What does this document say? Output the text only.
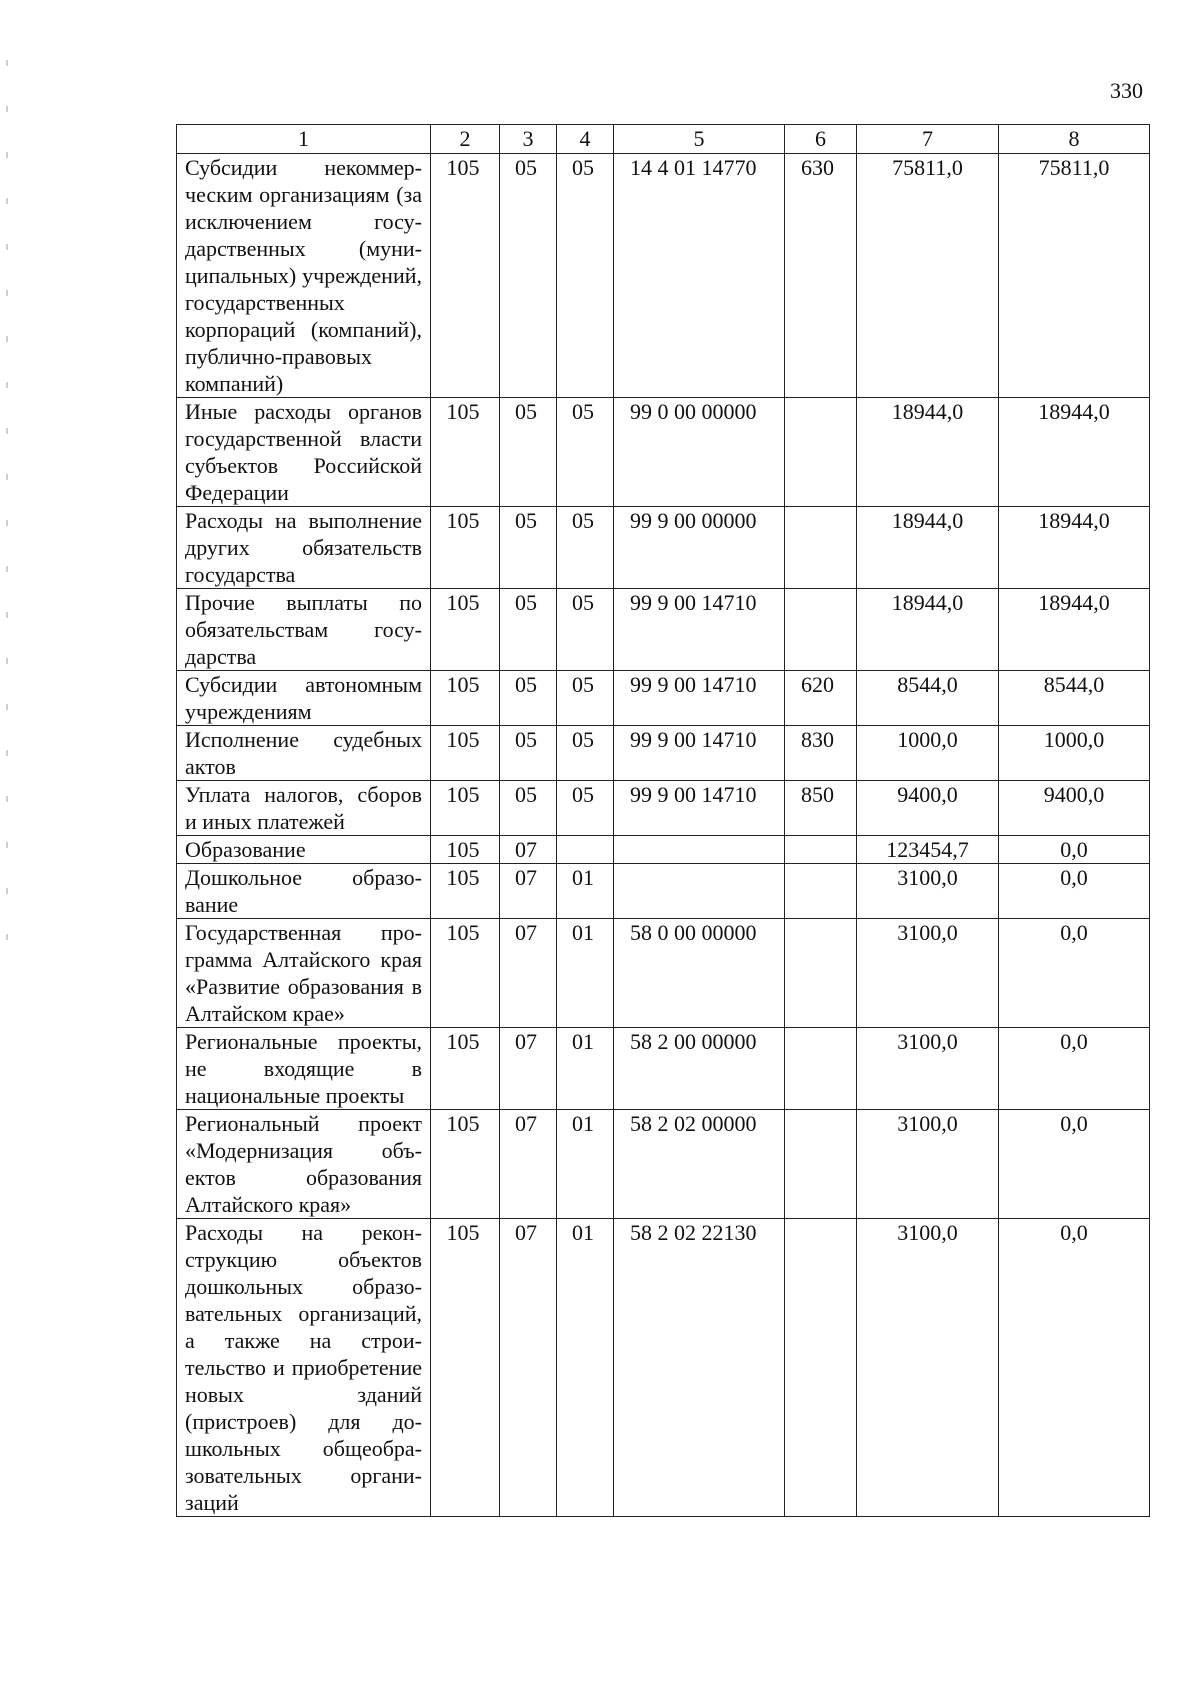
330
1	2	3	4	5	6	7	8
Субсидии некоммерческим организациям (за исключением государственных (муниципальных) учреждений, государственных корпораций (компаний), публично-правовых компаний)	105	05	05	14 4 01 14770	630	75811,0	75811,0
Иные расходы органов государственной власти субъектов Российской Федерации	105	05	05	99 0 00 00000		18944,0	18944,0
Расходы на выполнение других обязательств государства	105	05	05	99 9 00 00000		18944,0	18944,0
Прочие выплаты по обязательствам государства	105	05	05	99 9 00 14710		18944,0	18944,0
Субсидии автономным учреждениям	105	05	05	99 9 00 14710	620	8544,0	8544,0
Исполнение судебных актов	105	05	05	99 9 00 14710	830	1000,0	1000,0
Уплата налогов, сборов и иных платежей	105	05	05	99 9 00 14710	850	9400,0	9400,0
Образование	105	07				123454,7	0,0
Дошкольное образование	105	07	01			3100,0	0,0
Государственная программа Алтайского края «Развитие образования в Алтайском крае»	105	07	01	58 0 00 00000		3100,0	0,0
Региональные проекты, не входящие в национальные проекты	105	07	01	58 2 00 00000		3100,0	0,0
Региональный проект «Модернизация объектов образования Алтайского края»	105	07	01	58 2 02 00000		3100,0	0,0
Расходы на реконструкцию объектов дошкольных образовательных организаций, а также на строительство и приобретение новых зданий (пристроев) для дошкольных общеобразовательных организаций	105	07	01	58 2 02 22130		3100,0	0,0
